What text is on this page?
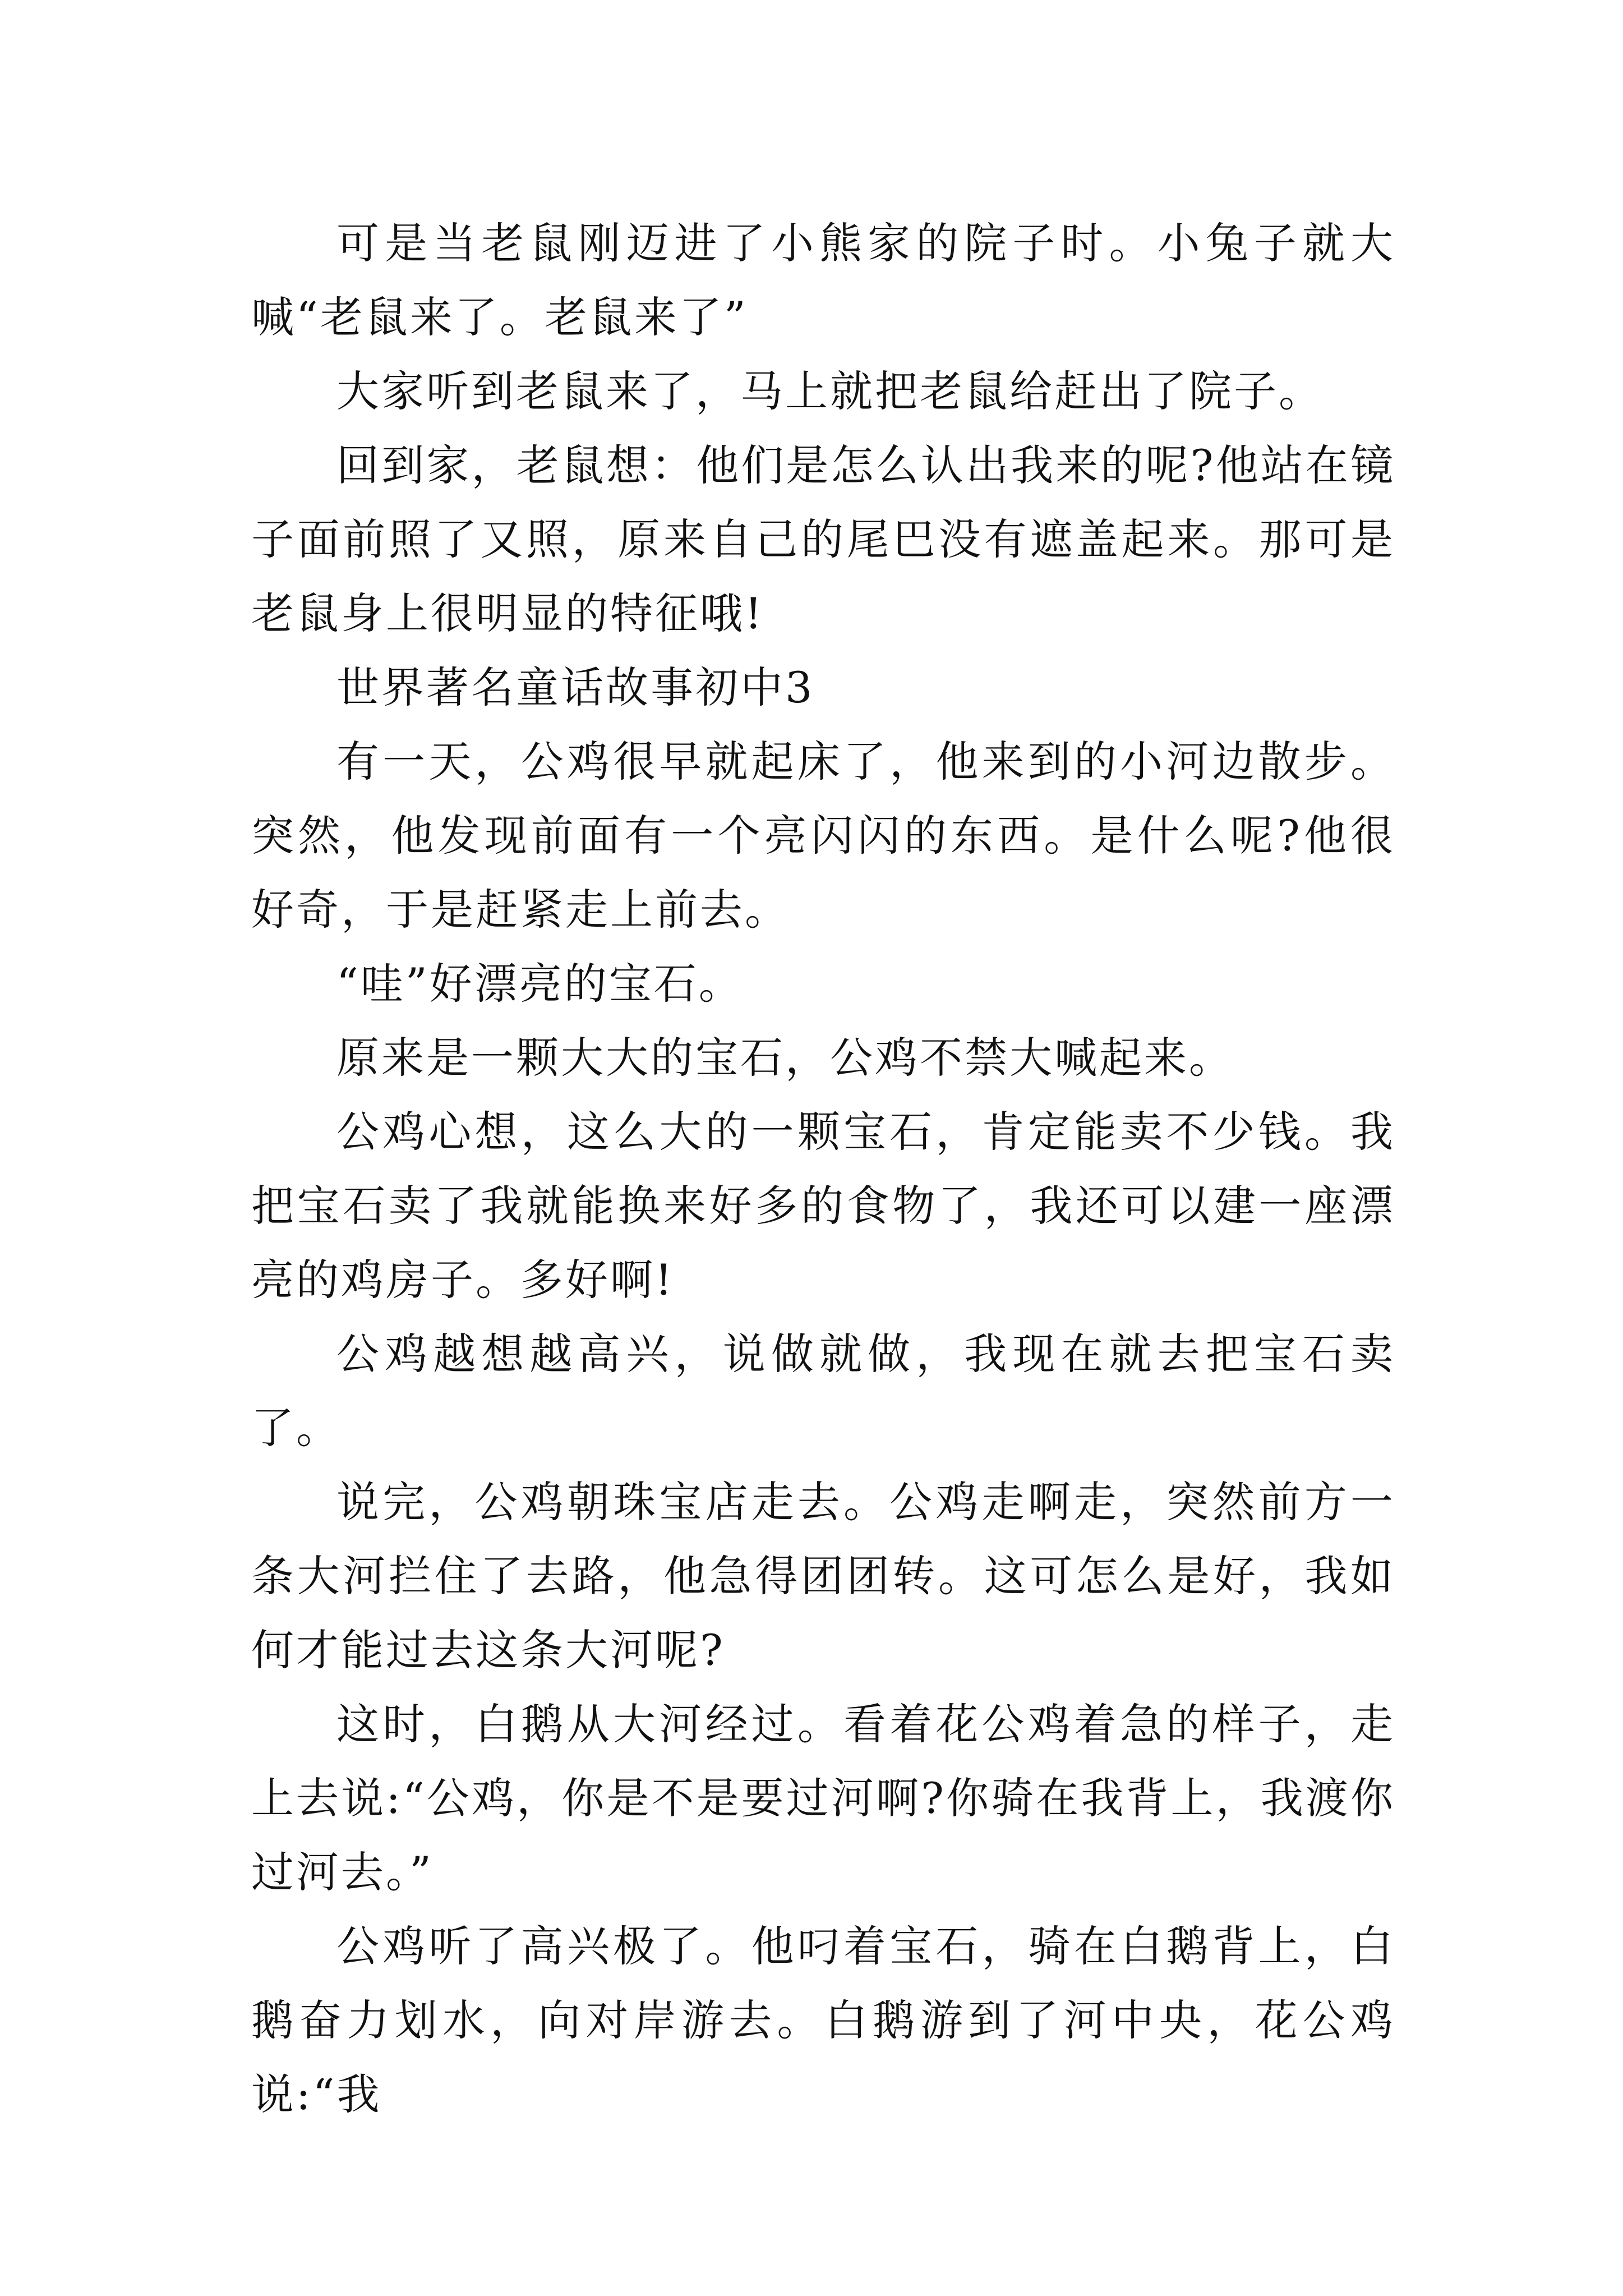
可是当老鼠刚迈进了小熊家的院子时。小兔子就大喊“老鼠来了。老鼠来了”

大家听到老鼠来了，马上就把老鼠给赶出了院子。

回到家，老鼠想：他们是怎么认出我来的呢?他站在镜子面前照了又照，原来自己的尾巴没有遮盖起来。那可是老鼠身上很明显的特征哦!

世界著名童话故事初中3

有一天，公鸡很早就起床了，他来到的小河边散步。突然，他发现前面有一个亮闪闪的东西。是什么呢?他很好奇，于是赶紧走上前去。

“哇”好漂亮的宝石。

原来是一颗大大的宝石，公鸡不禁大喊起来。

公鸡心想，这么大的一颗宝石，肯定能卖不少钱。我把宝石卖了我就能换来好多的食物了，我还可以建一座漂亮的鸡房子。多好啊!

公鸡越想越高兴，说做就做，我现在就去把宝石卖了。

说完，公鸡朝珠宝店走去。公鸡走啊走，突然前方一条大河拦住了去路，他急得团团转。这可怎么是好，我如何才能过去这条大河呢?

这时，白鹅从大河经过。看着花公鸡着急的样子，走上去说:“公鸡，你是不是要过河啊?你骑在我背上，我渡你过河去。”

公鸡听了高兴极了。他叼着宝石，骑在白鹅背上，白鹅奋力划水，向对岸游去。白鹅游到了河中央，花公鸡说:“我
